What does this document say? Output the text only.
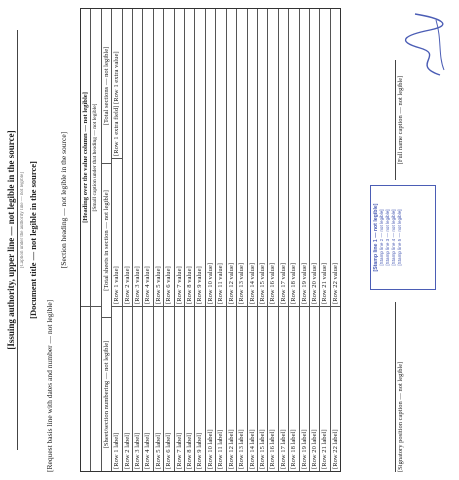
[Issuing authority, upper line — not legible in the source] [Caption under the authority line — not legible] [Document title — not legible in the source]
[Request basis line with dates and number — not legible]
[Section heading — not legible in the source] [Heading over the value column — not legible] [Small caption under that heading — not legible]
[Sheet/section numbering — not legible]
[Total sheets in section — not legible]
[Total sections — not legible]
[Row 1 label]
[Row 1 value]
[Row 1 extra field] [Row 1 extra value]
[Row 2 label]
[Row 2 value]
[Row 3 label]
[Row 3 value]
[Row 4 label]
[Row 4 value]
[Row 5 label]
[Row 5 value]
[Row 6 label]
[Row 6 value]
[Row 7 label]
[Row 7 value]
[Row 8 label]
[Row 8 value]
[Row 9 label]
[Row 9 value]
[Row 10 label]
[Row 10 value]
[Row 11 label]
[Row 11 value]
[Row 12 label]
[Row 12 value]
[Row 13 label]
[Row 13 value]
[Row 14 label]
[Row 14 value]
[Row 15 label]
[Row 15 value]
[Row 16 label]
[Row 16 value]
[Row 17 label]
[Row 17 value]
[Row 18 label]
[Row 18 value]
[Row 19 label]
[Row 19 value]
[Row 20 label]
[Row 20 value]
[Row 21 label]
[Row 21 value]
[Row 22 label]
[Row 22 value]
[Signatory position caption — not legible]
[Full name caption — not legible]
[Stamp line 1 — not legible] [Stamp line 2 — not legible] [Stamp line 3 — not legible] [Stamp line 4 — not legible] [Stamp line 5 — not legible]
